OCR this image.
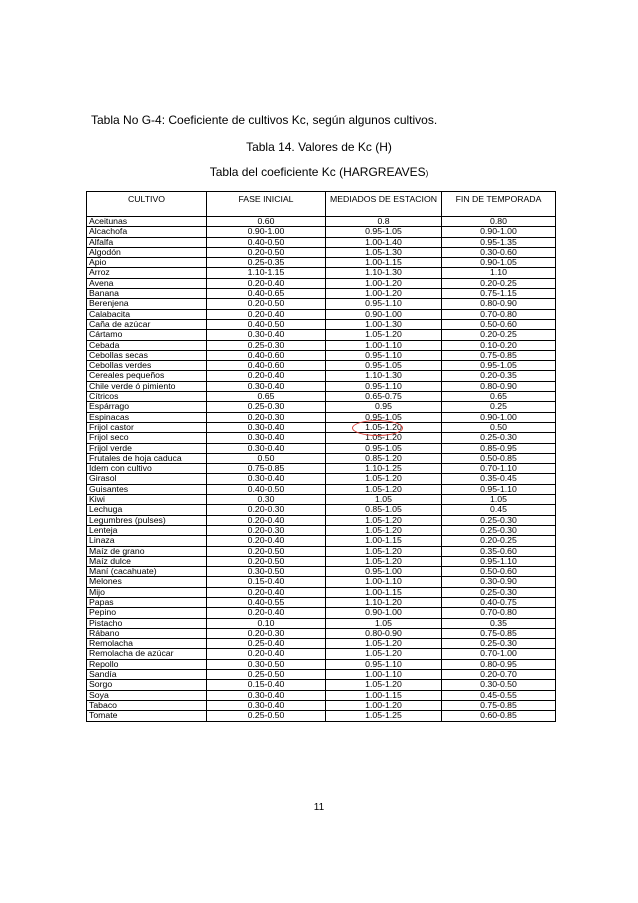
Tabla No G-4: Coeficiente de cultivos Kc, según algunos cultivos.
Tabla 14. Valores de Kc (H)
Tabla del coeficiente Kc (HARGREAVES)
CULTIVO	FASE INICIAL	MEDIADOS DE ESTACION	FIN DE TEMPORADA
Aceitunas	0.60	0.8	0.80
Alcachofa	0.90-1.00	0.95-1.05	0.90-1.00
Alfalfa	0.40-0.50	1.00-1.40	0.95-1.35
Algodón	0.20-0.50	1.05-1.30	0.30-0.60
Apio	0.25-0.35	1.00-1.15	0.90-1.05
Arroz	1.10-1.15	1.10-1.30	1.10
Avena	0.20-0.40	1.00-1.20	0.20-0.25
Banana	0.40-0.65	1.00-1.20	0.75-1.15
Berenjena	0.20-0.50	0.95-1.10	0.80-0.90
Calabacita	0.20-0.40	0.90-1.00	0.70-0.80
Caña de azúcar	0.40-0.50	1.00-1.30	0.50-0.60
Cártamo	0.30-0.40	1.05-1.20	0.20-0.25
Cebada	0.25-0.30	1.00-1.10	0.10-0.20
Cebollas secas	0.40-0.60	0.95-1.10	0.75-0.85
Cebollas verdes	0.40-0.60	0.95-1.05	0.95-1.05
Cereales pequeños	0.20-0.40	1.10-1.30	0.20-0.35
Chile verde ó pimiento	0.30-0.40	0.95-1.10	0.80-0.90
Cítricos	0.65	0.65-0.75	0.65
Espárrago	0.25-0.30	0.95	0.25
Espinacas	0.20-0.30	0.95-1.05	0.90-1.00
Frijol castor	0.30-0.40	1.05-1.20	0.50
Frijol seco	0.30-0.40	1.05-1.20	0.25-0.30
Frijol verde	0.30-0.40	0.95-1.05	0.85-0.95
Frutales de hoja caduca	0.50	0.85-1.20	0.50-0.85
Idem con cultivo	0.75-0.85	1.10-1.25	0.70-1.10
Girasol	0.30-0.40	1.05-1.20	0.35-0.45
Guisantes	0.40-0.50	1.05-1.20	0.95-1.10
Kiwi	0.30	1.05	1.05
Lechuga	0.20-0.30	0.85-1.05	0.45
Legumbres (pulses)	0.20-0.40	1.05-1.20	0.25-0.30
Lenteja	0.20-0.30	1.05-1.20	0.25-0.30
Linaza	0.20-0.40	1.00-1.15	0.20-0.25
Maíz de grano	0.20-0.50	1.05-1.20	0.35-0.60
Maíz dulce	0.20-0.50	1.05-1.20	0.95-1.10
Maní (cacahuate)	0.30-0.50	0.95-1.00	0.50-0.60
Melones	0.15-0.40	1.00-1.10	0.30-0.90
Mijo	0.20-0.40	1.00-1.15	0.25-0.30
Papas	0.40-0.55	1.10-1.20	0.40-0.75
Pepino	0.20-0.40	0.90-1.00	0.70-0.80
Pistacho	0.10	1.05	0.35
Rábano	0.20-0.30	0.80-0.90	0.75-0.85
Remolacha	0.25-0.40	1.05-1.20	0.25-0.30
Remolacha de azúcar	0.20-0.40	1.05-1.20	0.70-1.00
Repollo	0.30-0.50	0.95-1.10	0.80-0.95
Sandía	0.25-0.50	1.00-1.10	0.20-0.70
Sorgo	0.15-0.40	1.05-1.20	0.30-0.50
Soya	0.30-0.40	1.00-1.15	0.45-0.55
Tabaco	0.30-0.40	1.00-1.20	0.75-0.85
Tomate	0.25-0.50	1.05-1.25	0.60-0.85
11
